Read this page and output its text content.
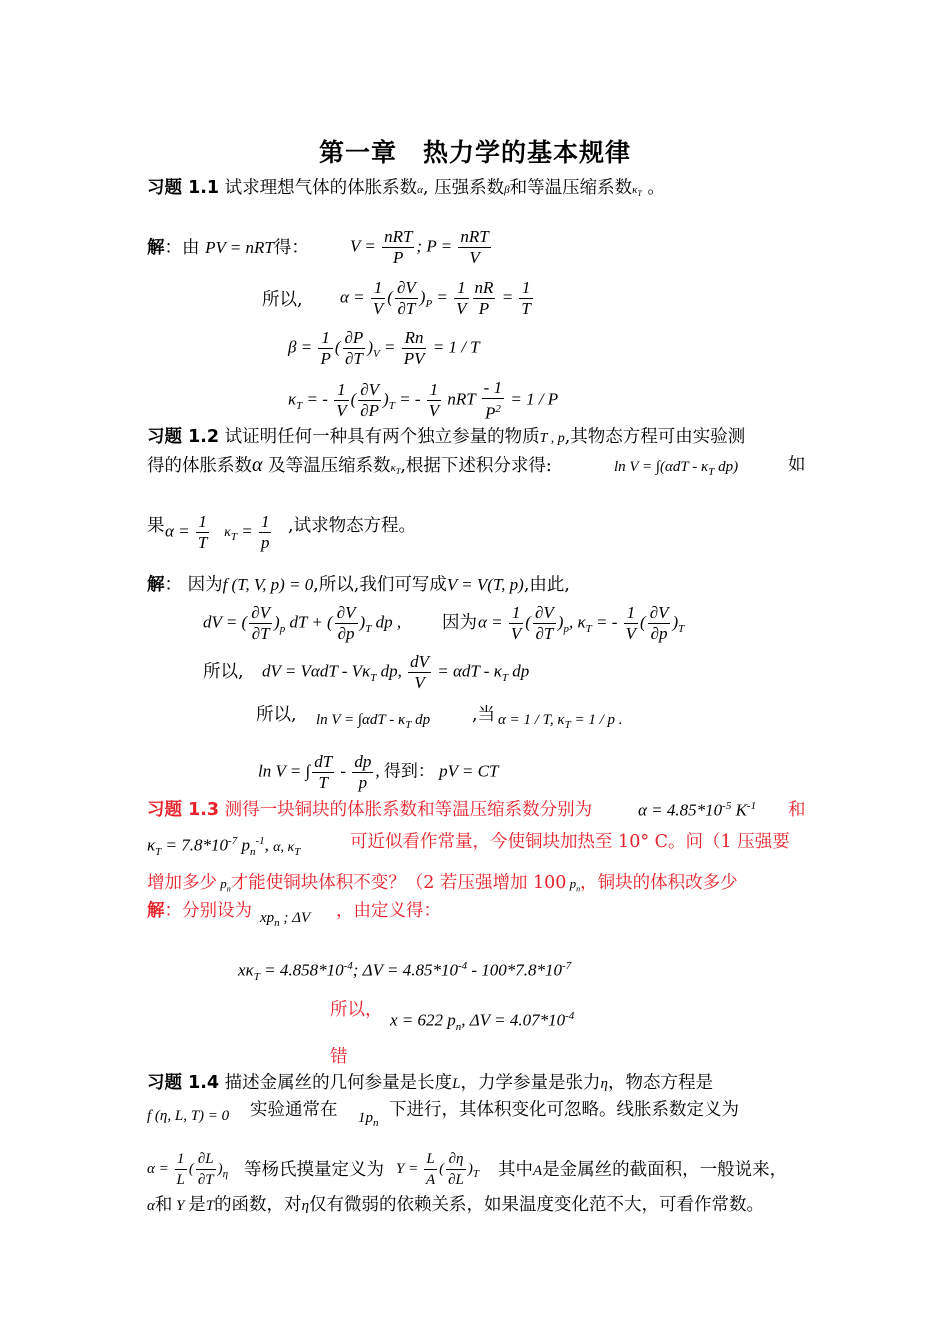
第一章　热力学的基本规律
习题 1.1 试求理想气体的体胀系数α, 压强系数β和等温压缩系数$\kappa_T$ 。
解：由 PV = nRT得： $V = \frac{\text{nRT}}{P}$ ; $P = \frac{\text{nRT}}{V}$
所以, $\alpha = \frac{1}{V}$ ( $\frac{\partial V}{\partial T} )_P = \frac{1}{V} \frac{nR}{P} = \frac{1}{T}$
$\beta = \frac{1}{P}$ ( $\frac{\partial P}{\partial T} )_V = \frac{Rn}{PV} = 1 / T$
$\kappa_T$ = - $\frac{1}{V}$ ( $\frac{\partial V}{\partial P} )_T$ = - $\frac{1}{V}$ nRT $\frac{- 1}{P^2} = 1 / P$
习题 1.2 试证明任何一种具有两个独立参量的物质T , p,其物态方程可由实验测
得的体胀系数α 及等温压缩系数$\kappa_T$,根据下述积分求得:	$\ln V = \int(\alpha dT - \kappa_T$ dp)	如
果 $\alpha = \frac{1}{T} \kappa_T = \frac{1}{p}$ ,试求物态方程。
解： 因为f (T, V, p) = 0,所以,我们可写成V = V(T, p),由此,
dV = ( $\frac{\partial V}{\partial T} )_p$ dT + ( $\frac{\partial V}{\partial p} )_T$ dp , 因为 $\alpha = \frac{1}{V}$ ( $\frac{\partial V}{\partial T} )_p$, $\kappa_T$ = - $\frac{1}{V}$ ( $\frac{\partial V}{\partial p} )_T$
所以, dV = VαdT - $V\kappa_T$ dp, $\frac{dV}{V} = \alpha dT - \kappa_T$ dp
所以, $\ln V = \int\alpha dT - \kappa_T$ dp ,当 α = 1 / T, $\kappa_T = 1 / p$ .
ln V = ∫ $\frac{dT}{T} - \frac{dp}{p}$ , 得到： pV = CT
习题 1.3 测得一块铜块的体胀系数和等温压缩系数分别为	$\alpha = 4.85*10^{-5}$ $K^{-1}$ 和
$\kappa_T = 7.8*10^{-7}$ $p_n^{-1}$, α, $\kappa_T$	可近似看作常量，今使铜块加热至 10° C。问（1 压强要
增加多少 $p_n$才能使铜块体积不变？（2 若压强增加 100 $p_n$，铜块的体积改多少
解：分别设为 $xp_n$ ; ΔV ，由定义得：
$x\kappa_T = 4.858*10^{-4}$; $\Delta V = 4.85*10^{-4} - 100*7.8*10^{-7}$
所以，
x = 622 $p_n$, $\Delta V = 4.07*10^{-4}$
错
习题 1.4 描述金属丝的几何参量是长度L，力学参量是张力η，物态方程是
f (η, L, T) = 0 实验通常在 $1p_n$
下进行，其体积变化可忽略。线胀系数定义为
$\alpha = \frac{1}{L}$ ( $\frac{\partial L}{\partial T} )_\eta$ 等杨氏摸量定义为 $Y = \frac{L}{A}$ ( $\frac{\partial\eta}{\partial L} )_T$ 其中A是金属丝的截面积，一般说来，
α和 Y 是T的函数，对η仅有微弱的依赖关系，如果温度变化范不大，可看作常数。
